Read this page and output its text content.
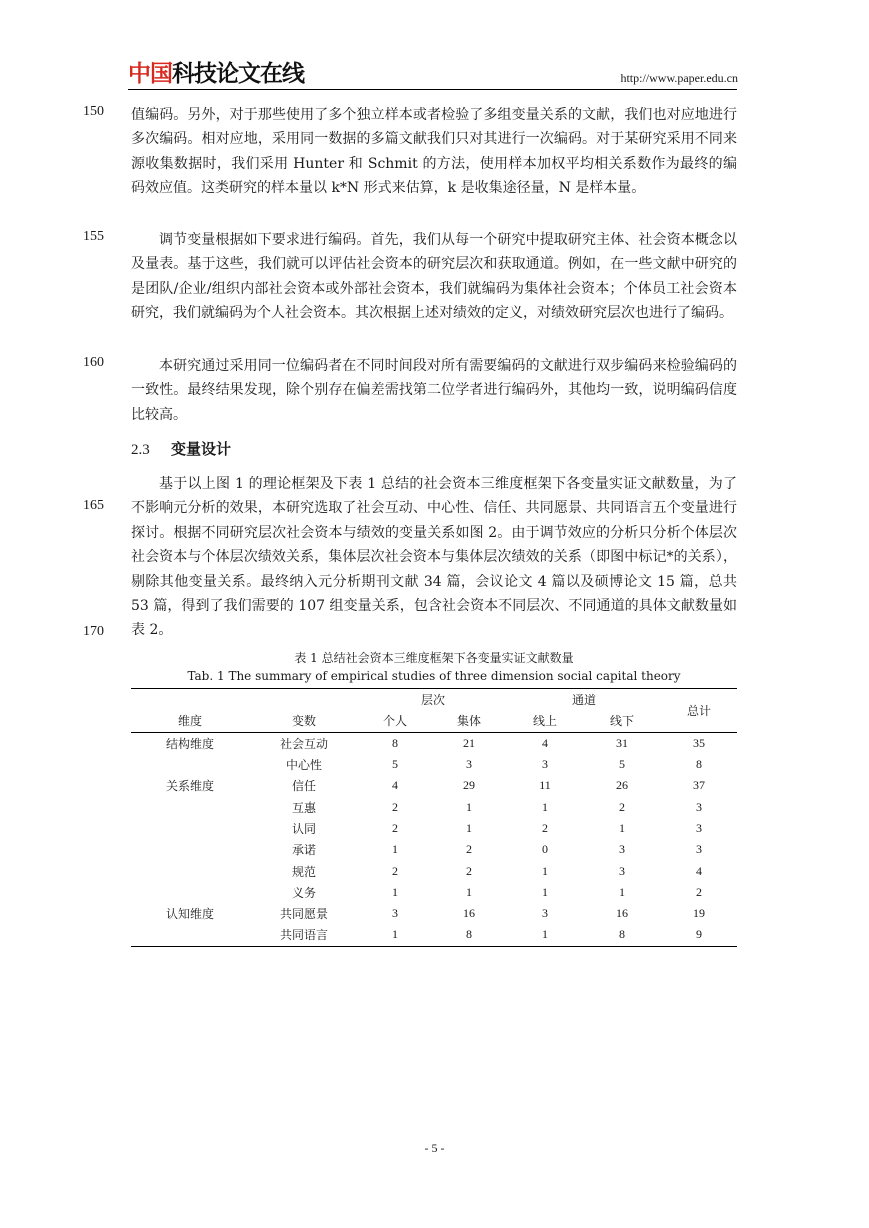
中国科技论文在线	http://www.paper.edu.cn
150
155
160
165
170

值编码。另外，对于那些使用了多个独立样本或者检验了多组变量关系的文献，我们也对应地进行多次编码。相对应地，采用同一数据的多篇文献我们只对其进行一次编码。对于某研究采用不同来源收集数据时，我们采用 Hunter 和 Schmit 的方法，使用样本加权平均相关系数作为最终的编码效应值。这类研究的样本量以 k*N 形式来估算，k 是收集途径量，N 是样本量。

调节变量根据如下要求进行编码。首先，我们从每一个研究中提取研究主体、社会资本概念以及量表。基于这些，我们就可以评估社会资本的研究层次和获取通道。例如，在一些文献中研究的是团队/企业/组织内部社会资本或外部社会资本，我们就编码为集体社会资本；个体员工社会资本研究，我们就编码为个人社会资本。其次根据上述对绩效的定义，对绩效研究层次也进行了编码。

本研究通过采用同一位编码者在不同时间段对所有需要编码的文献进行双步编码来检验编码的一致性。最终结果发现，除个别存在偏差需找第二位学者进行编码外，其他均一致，说明编码信度比较高。

2.3 变量设计

基于以上图 1 的理论框架及下表 1 总结的社会资本三维度框架下各变量实证文献数量，为了不影响元分析的效果，本研究选取了社会互动、中心性、信任、共同愿景、共同语言五个变量进行探讨。根据不同研究层次社会资本与绩效的变量关系如图 2。由于调节效应的分析只分析个体层次社会资本与个体层次绩效关系，集体层次社会资本与集体层次绩效的关系（即图中标记*的关系），剔除其他变量关系。最终纳入元分析期刊文献 34 篇，会议论文 4 篇以及硕博论文 15 篇，总共 53 篇，得到了我们需要的 107 组变量关系，包含社会资本不同层次、不同通道的具体文献数量如表 2。

表 1 总结社会资本三维度框架下各变量实证文献数量
Tab. 1 The summary of empirical studies of three dimension social capital theory
		层次		通道		总计
维度	变数	个人	集体	线上	线下	
结构维度	社会互动	8	21	4	31	35
	中心性	5	3	3	5	8
关系维度	信任	4	29	11	26	37
	互惠	2	1	1	2	3
	认同	2	1	2	1	3
	承诺	1	2	0	3	3
	规范	2	2	1	3	4
	义务	1	1	1	1	2
认知维度	共同愿景	3	16	3	16	19
	共同语言	1	8	1	8	9
- 5 -
